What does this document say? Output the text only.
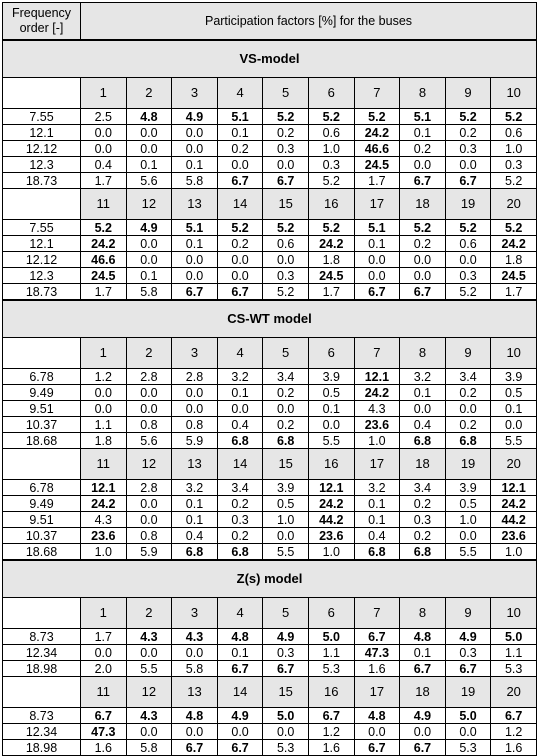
Frequency order [-]	Participation factors [%] for the buses									
VS-model										
	1	2	3	4	5	6	7	8	9	10
7.55	2.5	4.8	4.9	5.1	5.2	5.2	5.2	5.1	5.2	5.2
12.1	0.0	0.0	0.0	0.1	0.2	0.6	24.2	0.1	0.2	0.6
12.12	0.0	0.0	0.0	0.2	0.3	1.0	46.6	0.2	0.3	1.0
12.3	0.4	0.1	0.1	0.0	0.0	0.3	24.5	0.0	0.0	0.3
18.73	1.7	5.6	5.8	6.7	6.7	5.2	1.7	6.7	6.7	5.2
	11	12	13	14	15	16	17	18	19	20
7.55	5.2	4.9	5.1	5.2	5.2	5.2	5.1	5.2	5.2	5.2
12.1	24.2	0.0	0.1	0.2	0.6	24.2	0.1	0.2	0.6	24.2
12.12	46.6	0.0	0.0	0.0	0.0	1.8	0.0	0.0	0.0	1.8
12.3	24.5	0.1	0.0	0.0	0.3	24.5	0.0	0.0	0.3	24.5
18.73	1.7	5.8	6.7	6.7	5.2	1.7	6.7	6.7	5.2	1.7
CS-WT model										
	1	2	3	4	5	6	7	8	9	10
6.78	1.2	2.8	2.8	3.2	3.4	3.9	12.1	3.2	3.4	3.9
9.49	0.0	0.0	0.0	0.1	0.2	0.5	24.2	0.1	0.2	0.5
9.51	0.0	0.0	0.0	0.0	0.0	0.1	4.3	0.0	0.0	0.1
10.37	1.1	0.8	0.8	0.4	0.2	0.0	23.6	0.4	0.2	0.0
18.68	1.8	5.6	5.9	6.8	6.8	5.5	1.0	6.8	6.8	5.5
	11	12	13	14	15	16	17	18	19	20
6.78	12.1	2.8	3.2	3.4	3.9	12.1	3.2	3.4	3.9	12.1
9.49	24.2	0.0	0.1	0.2	0.5	24.2	0.1	0.2	0.5	24.2
9.51	4.3	0.0	0.1	0.3	1.0	44.2	0.1	0.3	1.0	44.2
10.37	23.6	0.8	0.4	0.2	0.0	23.6	0.4	0.2	0.0	23.6
18.68	1.0	5.9	6.8	6.8	5.5	1.0	6.8	6.8	5.5	1.0
Z(s) model										
	1	2	3	4	5	6	7	8	9	10
8.73	1.7	4.3	4.3	4.8	4.9	5.0	6.7	4.8	4.9	5.0
12.34	0.0	0.0	0.0	0.1	0.3	1.1	47.3	0.1	0.3	1.1
18.98	2.0	5.5	5.8	6.7	6.7	5.3	1.6	6.7	6.7	5.3
	11	12	13	14	15	16	17	18	19	20
8.73	6.7	4.3	4.8	4.9	5.0	6.7	4.8	4.9	5.0	6.7
12.34	47.3	0.0	0.0	0.0	0.0	1.2	0.0	0.0	0.0	1.2
18.98	1.6	5.8	6.7	6.7	5.3	1.6	6.7	6.7	5.3	1.6
